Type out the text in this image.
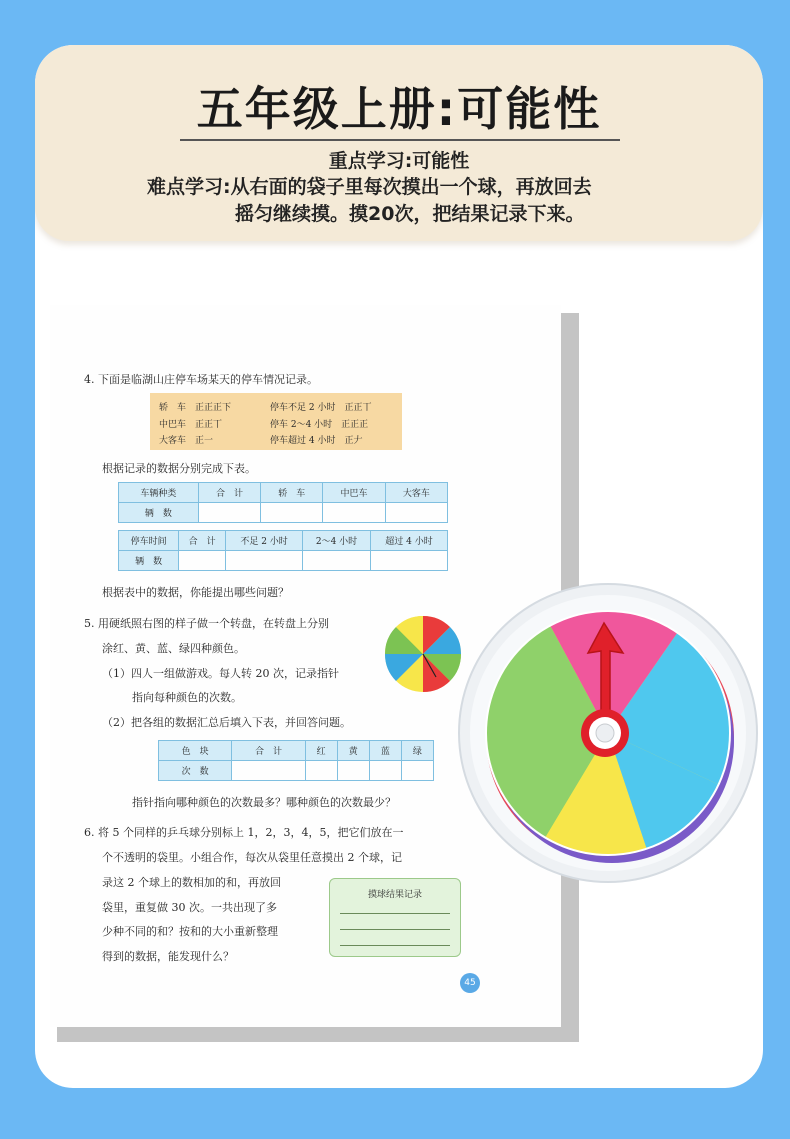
五年级上册:可能性
重点学习:可能性
难点学习:从右面的袋子里每次摸出一个球，再放回去
摇匀继续摸。摸20次，把结果记录下来。
4. 下面是临湖山庄停车场某天的停车情况记录。
轿　车　正正正下	停车不足 2 小时　正正丅
中巴车　正正丅	停车 2～4 小时　正正正
大客车　正一	停车超过 4 小时　正𠂇
根据记录的数据分别完成下表。
车辆种类	合　计	轿　车	中巴车	大客车
辆　数				
停车时间	合　计	不足 2 小时	2～4 小时	超过 4 小时
辆　数				
根据表中的数据，你能提出哪些问题？
5. 用硬纸照右图的样子做一个转盘，在转盘上分别
涂红、黄、蓝、绿四种颜色。
（1）四人一组做游戏。每人转 20 次，记录指针
指向每种颜色的次数。
（2）把各组的数据汇总后填入下表，并回答问题。
色　块	合　计	红	黄	蓝	绿
次　数					
指针指向哪种颜色的次数最多？哪种颜色的次数最少？
6. 将 5 个同样的乒乓球分别标上 1，2，3，4，5，把它们放在一
个不透明的袋里。小组合作，每次从袋里任意摸出 2 个球，记
录这 2 个球上的数相加的和，再放回
袋里，重复做 30 次。一共出现了多
少种不同的和？按和的大小重新整理
得到的数据，能发现什么？
摸球结果记录
45
